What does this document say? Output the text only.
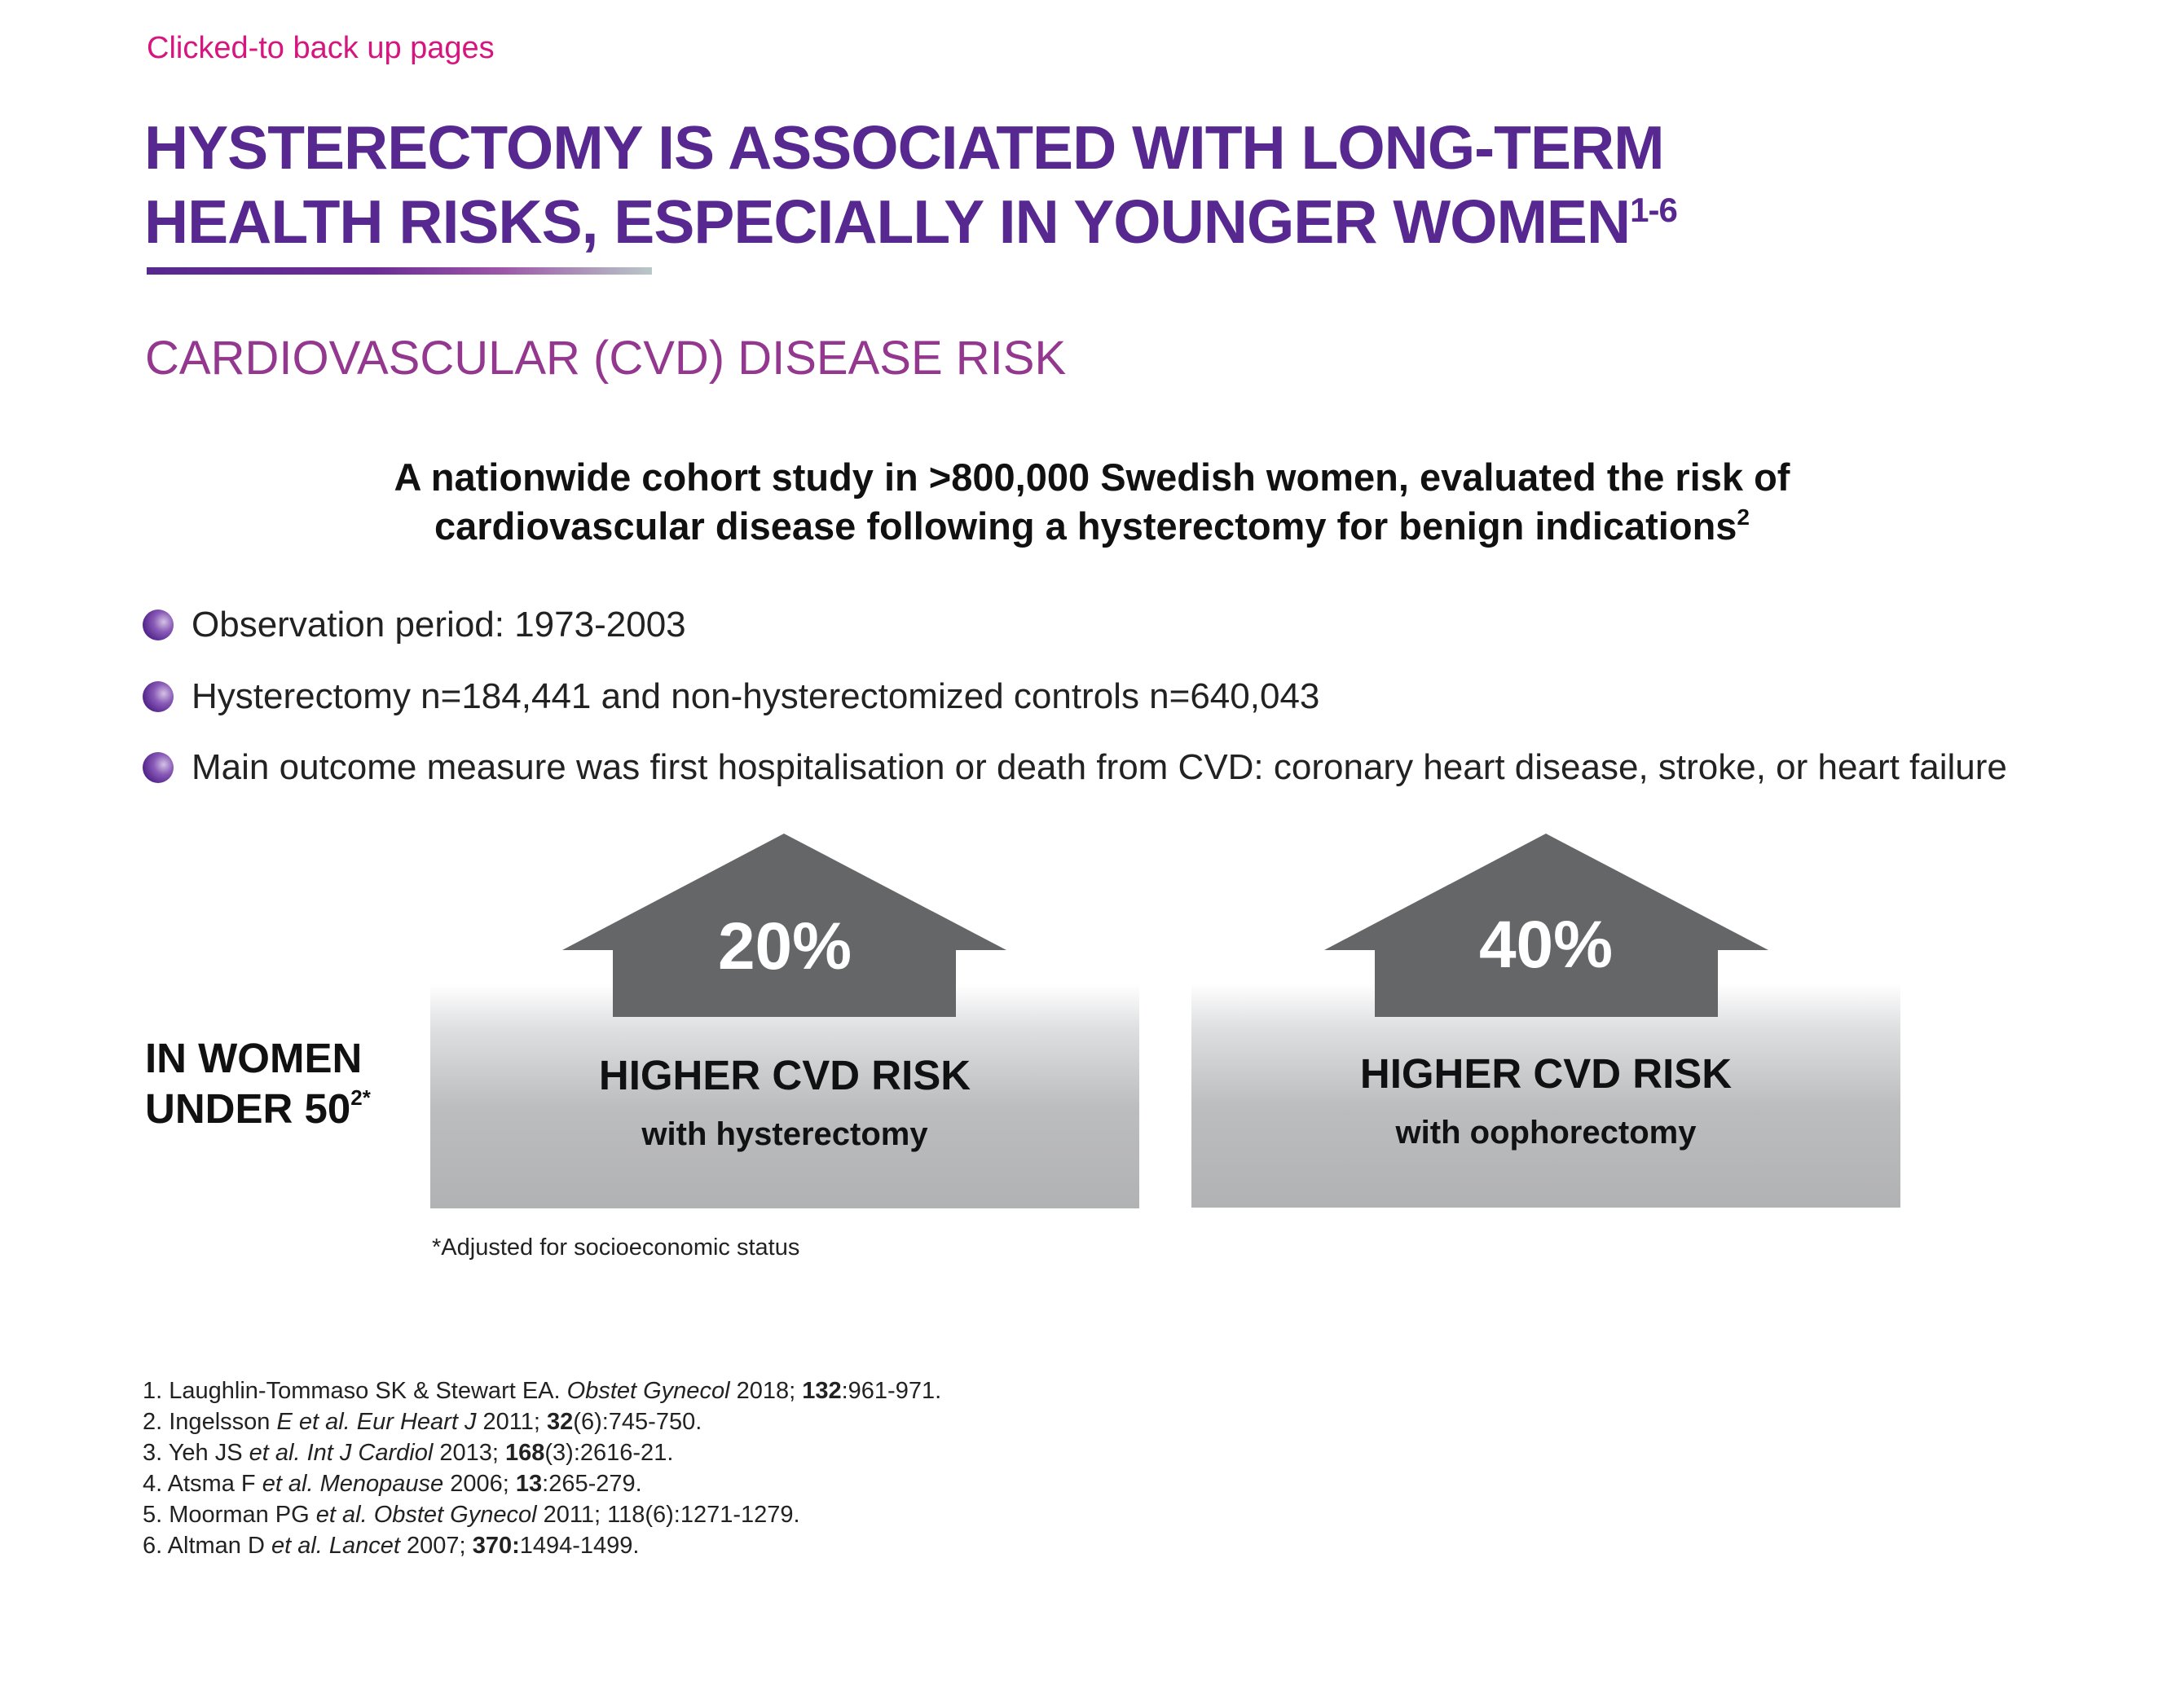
Clicked-to back up pages
HYSTERECTOMY IS ASSOCIATED WITH LONG-TERM
HEALTH RISKS, ESPECIALLY IN YOUNGER WOMEN$^{1-6}$
CARDIOVASCULAR (CVD) DISEASE RISK
A nationwide cohort study in >800,000 Swedish women, evaluated the risk of
cardiovascular disease following a hysterectomy for benign indications$^2$
Observation period: 1973-2003
Hysterectomy n=184,441 and non-hysterectomized controls n=640,043
Main outcome measure was first hospitalisation or death from CVD: coronary heart disease, stroke, or heart failure
IN WOMEN
UNDER $50^{2*}$
20%
HIGHER CVD RISK
with hysterectomy
40%
HIGHER CVD RISK
with oophorectomy
*Adjusted for socioeconomic status
1. Laughlin-Tommaso SK & Stewart EA. Obstet Gynecol 2018; 132:961-971.
2. Ingelsson E et al. Eur Heart J 2011; 32(6):745-750.
3. Yeh JS et al. Int J Cardiol 2013; 168(3):2616-21.
4. Atsma F et al. Menopause 2006; 13:265-279.
5. Moorman PG et al. Obstet Gynecol 2011; 118(6):1271-1279.
6. Altman D et al. Lancet 2007; 370:1494-1499.
